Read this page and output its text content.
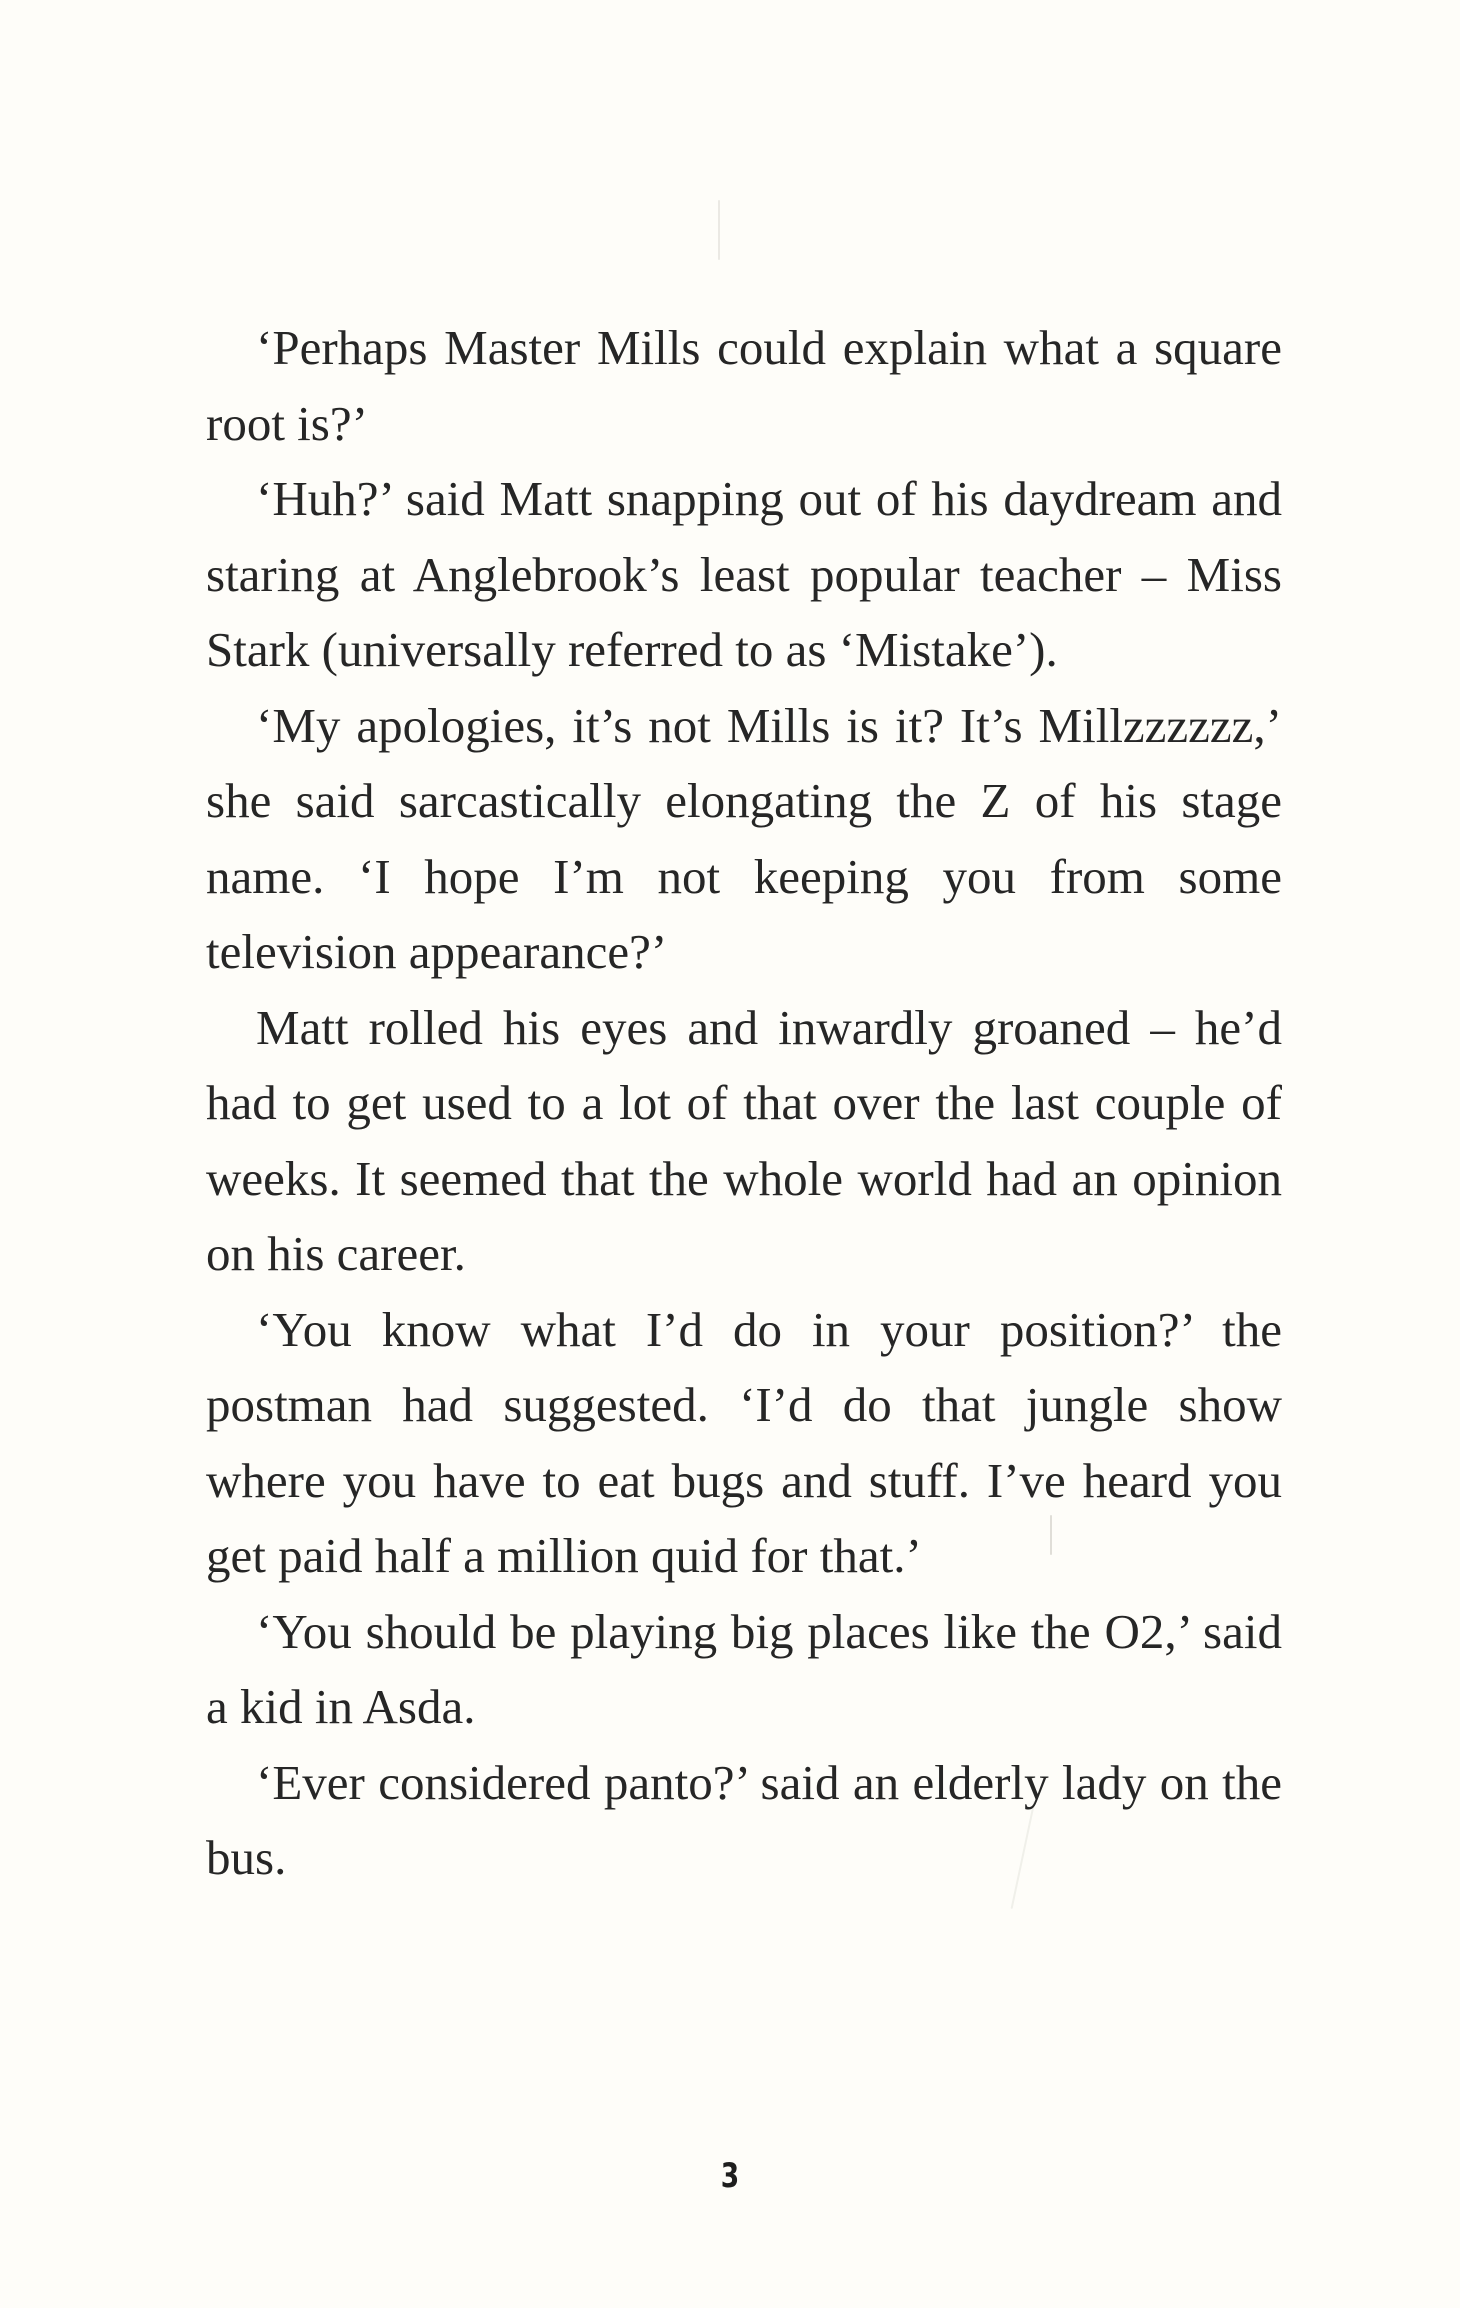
‘Perhaps Master Mills could explain what a square root is?’

‘Huh?’ said Matt snapping out of his daydream and staring at Anglebrook’s least popular teacher – Miss Stark (universally referred to as ‘Mistake’).

‘My apologies, it’s not Mills is it? It’s Millzzzzzz,’ she said sarcastically elongating the Z of his stage name. ‘I hope I’m not keeping you from some television appearance?’

Matt rolled his eyes and inwardly groaned – he’d had to get used to a lot of that over the last couple of weeks. It seemed that the whole world had an opinion on his career.

‘You know what I’d do in your position?’ the postman had suggested. ‘I’d do that jungle show where you have to eat bugs and stuff. I’ve heard you get paid half a million quid for that.’

‘You should be playing big places like the O2,’ said a kid in Asda.

‘Ever considered panto?’ said an elderly lady on the bus.

3
